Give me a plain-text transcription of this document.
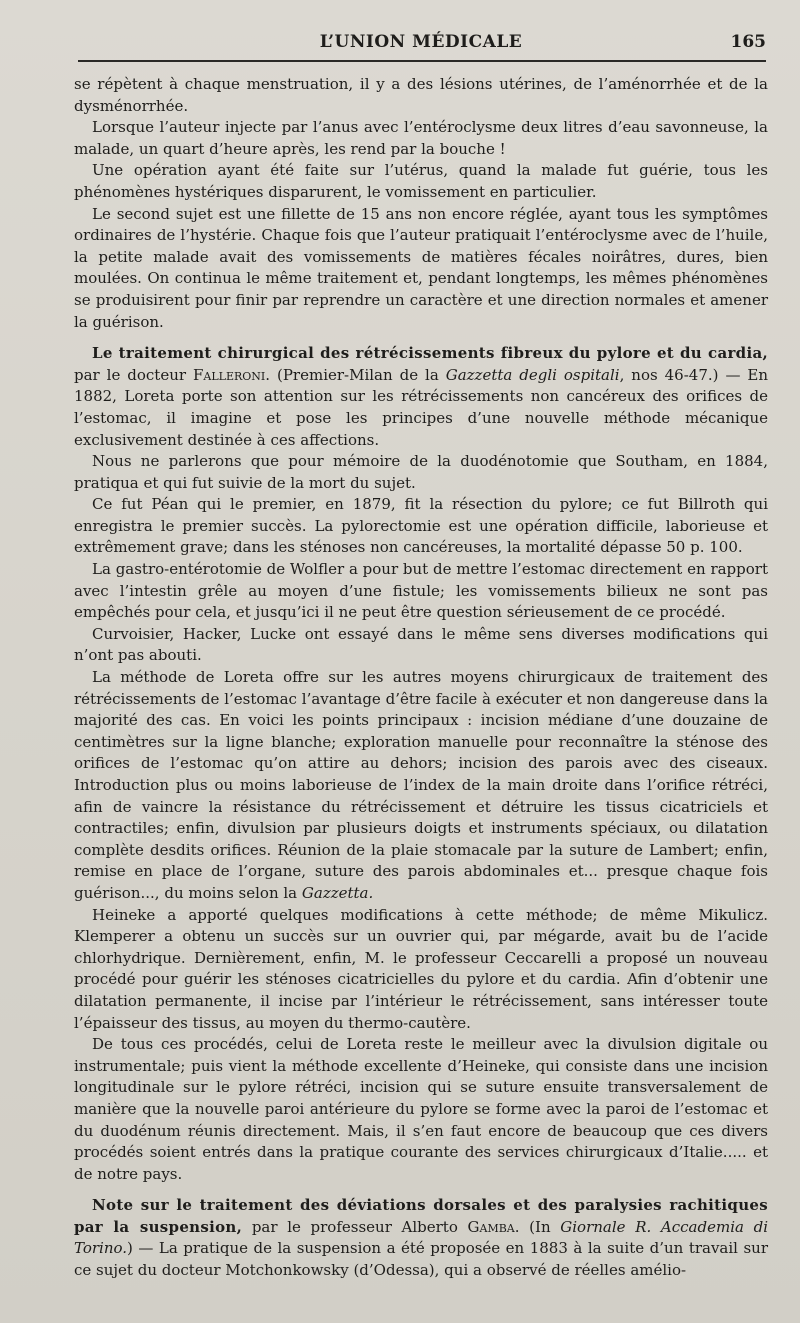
L’UNION MÉDICALE	165

se répètent à chaque menstruation, il y a des lésions utérines, de l’aménorrhée et de la dysménorrhée.

Lorsque l’auteur injecte par l’anus avec l’entéroclysme deux litres d’eau savonneuse, la malade, un quart d’heure après, les rend par la bouche !

Une opération ayant été faite sur l’utérus, quand la malade fut guérie, tous les phénomènes hystériques disparurent, le vomissement en particulier.

Le second sujet est une fillette de 15 ans non encore réglée, ayant tous les symptômes ordinaires de l’hystérie. Chaque fois que l’auteur pratiquait l’entéroclysme avec de l’huile, la petite malade avait des vomissements de matières fécales noirâtres, dures, bien moulées. On continua le même traitement et, pendant longtemps, les mêmes phénomènes se produisirent pour finir par reprendre un caractère et une direction normales et amener la guérison.

Le traitement chirurgical des rétrécissements fibreux du pylore et du cardia, par le docteur Falleroni. (Premier-Milan de la Gazzetta degli ospitali, nos 46-47.) — En 1882, Loreta porte son attention sur les rétrécissements non cancéreux des orifices de l’estomac, il imagine et pose les principes d’une nouvelle méthode mécanique exclusivement destinée à ces affections.

Nous ne parlerons que pour mémoire de la duodénotomie que Southam, en 1884, pratiqua et qui fut suivie de la mort du sujet.

Ce fut Péan qui le premier, en 1879, fit la résection du pylore; ce fut Billroth qui enregistra le premier succès. La pylorectomie est une opération difficile, laborieuse et extrêmement grave; dans les sténoses non cancéreuses, la mortalité dépasse 50 p. 100.

La gastro-entérotomie de Wolfler a pour but de mettre l’estomac directement en rapport avec l’intestin grêle au moyen d’une fistule; les vomissements bilieux ne sont pas empêchés pour cela, et jusqu’ici il ne peut être question sérieusement de ce procédé.

Curvoisier, Hacker, Lucke ont essayé dans le même sens diverses modifications qui n’ont pas abouti.

La méthode de Loreta offre sur les autres moyens chirurgicaux de traitement des rétrécissements de l’estomac l’avantage d’être facile à exécuter et non dangereuse dans la majorité des cas. En voici les points principaux : incision médiane d’une douzaine de centimètres sur la ligne blanche; exploration manuelle pour reconnaître la sténose des orifices de l’estomac qu’on attire au dehors; incision des parois avec des ciseaux. Introduction plus ou moins laborieuse de l’index de la main droite dans l’orifice rétréci, afin de vaincre la résistance du rétrécissement et détruire les tissus cicatriciels et contractiles; enfin, divulsion par plusieurs doigts et instruments spéciaux, ou dilatation complète desdits orifices. Réunion de la plaie stomacale par la suture de Lambert; enfin, remise en place de l’organe, suture des parois abdominales et... presque chaque fois guérison..., du moins selon la Gazzetta.

Heineke a apporté quelques modifications à cette méthode; de même Mikulicz. Klemperer a obtenu un succès sur un ouvrier qui, par mégarde, avait bu de l’acide chlorhydrique. Dernièrement, enfin, M. le professeur Ceccarelli a proposé un nouveau procédé pour guérir les sténoses cicatricielles du pylore et du cardia. Afin d’obtenir une dilatation permanente, il incise par l’intérieur le rétrécissement, sans intéresser toute l’épaisseur des tissus, au moyen du thermo-cautère.

De tous ces procédés, celui de Loreta reste le meilleur avec la divulsion digitale ou instrumentale; puis vient la méthode excellente d’Heineke, qui consiste dans une incision longitudinale sur le pylore rétréci, incision qui se suture ensuite transversalement de manière que la nouvelle paroi antérieure du pylore se forme avec la paroi de l’estomac et du duodénum réunis directement. Mais, il s’en faut encore de beaucoup que ces divers procédés soient entrés dans la pratique courante des services chirurgicaux d’Italie..... et de notre pays.

Note sur le traitement des déviations dorsales et des paralysies rachitiques par la suspension, par le professeur Alberto Gamba. (In Giornale R. Accademia di Torino.) — La pratique de la suspension a été proposée en 1883 à la suite d’un travail sur ce sujet du docteur Motchonkowsky (d’Odessa), qui a observé de réelles amélio-
